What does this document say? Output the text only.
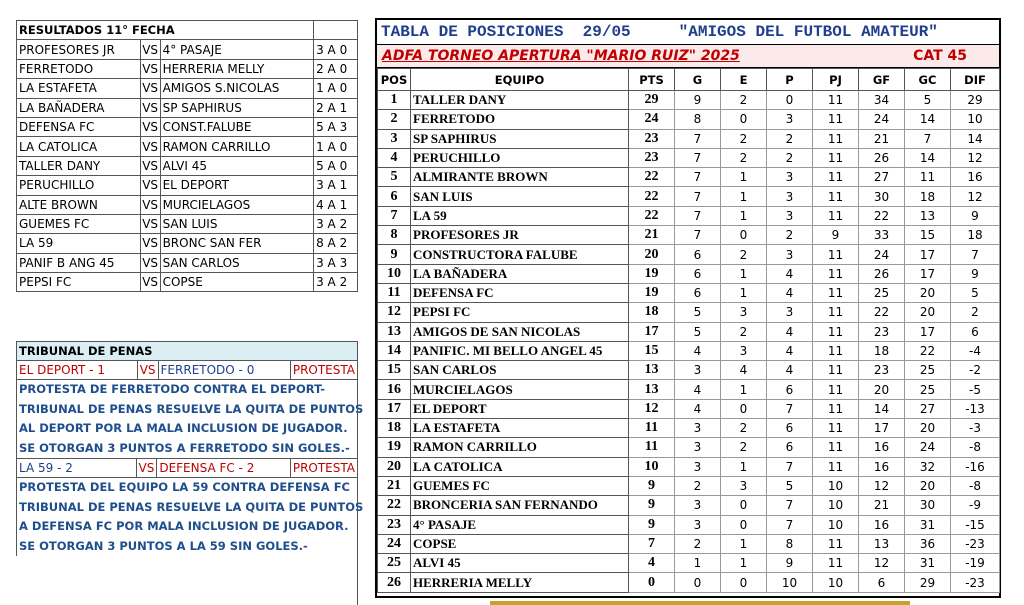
RESULTADOS 11° FECHA			
PROFESORES JR	VS	4° PASAJE	3 A 0
FERRETODO	VS	HERRERIA MELLY	2 A 0
LA ESTAFETA	VS	AMIGOS S.NICOLAS	1 A 0
LA BAÑADERA	VS	SP SAPHIRUS	2 A 1
DEFENSA FC	VS	CONST.FALUBE	5 A 3
LA CATOLICA	VS	RAMON CARRILLO	1 A 0
TALLER DANY	VS	ALVI 45	5 A 0
PERUCHILLO	VS	EL DEPORT	3 A 1
ALTE BROWN	VS	MURCIELAGOS	4 A 1
GUEMES FC	VS	SAN LUIS	3 A 2
LA 59	VS	BRONC SAN FER	8 A 2
PANIF B ANG 45	VS	SAN CARLOS	3 A 3
PEPSI FC	VS	COPSE	3 A 2
TRIBUNAL DE PENAS
EL DEPORT - 1	VS	FERRETODO - 0	PROTESTA
PROTESTA DE FERRETODO CONTRA EL DEPORT-
TRIBUNAL DE PENAS RESUELVE LA QUITA DE PUNTOS
AL DEPORT POR LA MALA INCLUSION DE JUGADOR.
SE OTORGAN 3 PUNTOS A FERRETODO SIN GOLES.-
LA 59 - 2	VS	DEFENSA FC - 2	PROTESTA
PROTESTA DEL EQUIPO LA 59 CONTRA DEFENSA FC
TRIBUNAL DE PENAS RESUELVE LA QUITA DE PUNTOS
A DEFENSA FC POR MALA INCLUSION DE JUGADOR.
SE OTORGAN 3 PUNTOS A LA 59 SIN GOLES.-
TABLA DE POSICIONES  29/05     "AMIGOS DEL FUTBOL AMATEUR"
ADFA TORNEO APERTURA "MARIO RUIZ" 2025	CAT 45
POS	EQUIPO	PTS	G	E	P	PJ	GF	GC	DIF
1	TALLER DANY	29	9	2	0	11	34	5	29
2	FERRETODO	24	8	0	3	11	24	14	10
3	SP SAPHIRUS	23	7	2	2	11	21	7	14
4	PERUCHILLO	23	7	2	2	11	26	14	12
5	ALMIRANTE BROWN	22	7	1	3	11	27	11	16
6	SAN LUIS	22	7	1	3	11	30	18	12
7	LA 59	22	7	1	3	11	22	13	9
8	PROFESORES JR	21	7	0	2	9	33	15	18
9	CONSTRUCTORA FALUBE	20	6	2	3	11	24	17	7
10	LA BAÑADERA	19	6	1	4	11	26	17	9
11	DEFENSA FC	19	6	1	4	11	25	20	5
12	PEPSI FC	18	5	3	3	11	22	20	2
13	AMIGOS DE SAN NICOLAS	17	5	2	4	11	23	17	6
14	PANIFIC. MI BELLO ANGEL 45	15	4	3	4	11	18	22	-4
15	SAN CARLOS	13	3	4	4	11	23	25	-2
16	MURCIELAGOS	13	4	1	6	11	20	25	-5
17	EL DEPORT	12	4	0	7	11	14	27	-13
18	LA ESTAFETA	11	3	2	6	11	17	20	-3
19	RAMON CARRILLO	11	3	2	6	11	16	24	-8
20	LA CATOLICA	10	3	1	7	11	16	32	-16
21	GUEMES FC	9	2	3	5	10	12	20	-8
22	BRONCERIA SAN FERNANDO	9	3	0	7	10	21	30	-9
23	4° PASAJE	9	3	0	7	10	16	31	-15
24	COPSE	7	2	1	8	11	13	36	-23
25	ALVI 45	4	1	1	9	11	12	31	-19
26	HERRERIA MELLY	0	0	0	10	10	6	29	-23
